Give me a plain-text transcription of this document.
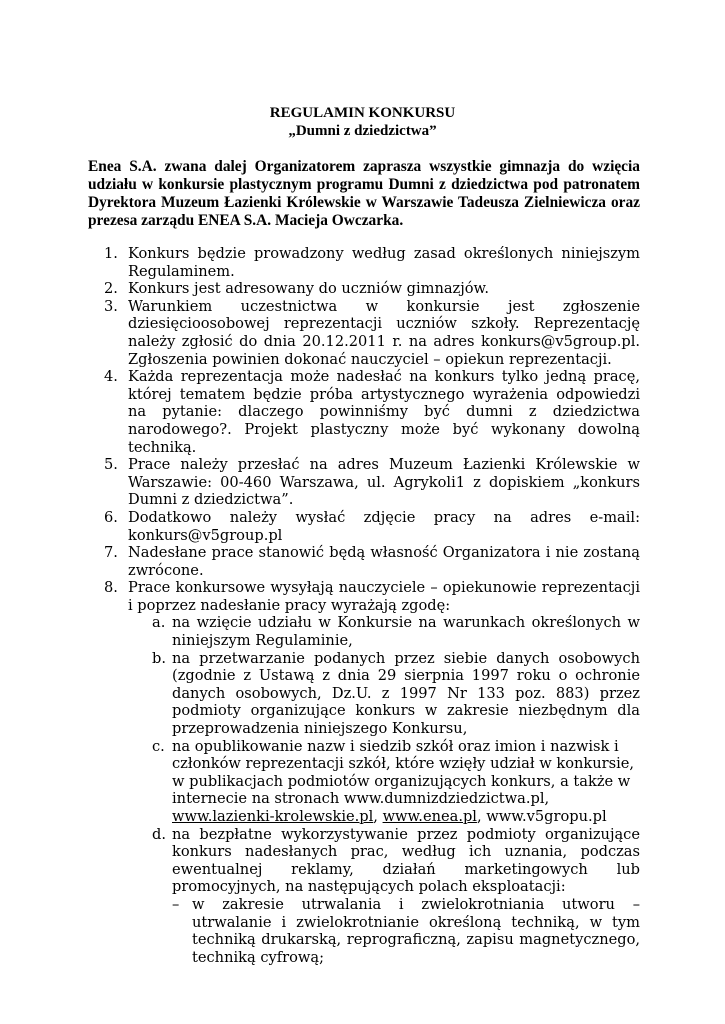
REGULAMIN KONKURSU
„Dumni z dziedzictwa”
Enea S.A. zwana dalej Organizatorem zaprasza wszystkie gimnazja do wzięcia udziału w konkursie plastycznym programu Dumni z dziedzictwa pod patronatem Dyrektora Muzeum Łazienki Królewskie w Warszawie Tadeusza Zielniewicza oraz prezesa zarządu ENEA S.A. Macieja Owczarka.
1. Konkurs będzie prowadzony według zasad określonych niniejszym Regulaminem.
2. Konkurs jest adresowany do uczniów gimnazjów.
3. Warunkiem uczestnictwa w konkursie jest zgłoszenie dziesięcioosobowej reprezentacji uczniów szkoły. Reprezentację należy zgłosić do dnia 20.12.2011 r. na adres konkurs@v5group.pl. Zgłoszenia powinien dokonać nauczyciel – opiekun reprezentacji.
4. Każda reprezentacja może nadesłać na konkurs tylko jedną pracę, której tematem będzie próba artystycznego wyrażenia odpowiedzi na pytanie: dlaczego powinniśmy być dumni z dziedzictwa narodowego?. Projekt plastyczny może być wykonany dowolną techniką.
5. Prace należy przesłać na adres Muzeum Łazienki Królewskie w Warszawie: 00-460 Warszawa, ul. Agrykoli1 z dopiskiem „konkurs Dumni z dziedzictwa”.
6. Dodatkowo należy wysłać zdjęcie pracy na adres e-mail: konkurs@v5group.pl
7. Nadesłane prace stanowić będą własność Organizatora i nie zostaną zwrócone.
8. Prace konkursowe wysyłają nauczyciele – opiekunowie reprezentacji i poprzez nadesłanie pracy wyrażają zgodę:
a. na wzięcie udziału w Konkursie na warunkach określonych w niniejszym Regulaminie,
b. na przetwarzanie podanych przez siebie danych osobowych (zgodnie z Ustawą z dnia 29 sierpnia 1997 roku o ochronie danych osobowych, Dz.U. z 1997 Nr 133 poz. 883) przez podmioty organizujące konkurs w zakresie niezbędnym dla przeprowadzenia niniejszego Konkursu,
c. na opublikowanie nazw i siedzib szkół oraz imion i nazwisk i członków reprezentacji szkół, które wzięły udział w konkursie, w publikacjach podmiotów organizujących konkurs, a także w internecie na stronach www.dumnizdziedzictwa.pl, www.lazienki-krolewskie.pl, www.enea.pl, www.v5gropu.pl
d. na bezpłatne wykorzystywanie przez podmioty organizujące konkurs nadesłanych prac, według ich uznania, podczas ewentualnej reklamy, działań marketingowych lub promocyjnych, na następujących polach eksploatacji:
– w zakresie utrwalania i zwielokrotniania utworu – utrwalanie i zwielokrotnianie określoną techniką, w tym techniką drukarską, reprograficzną, zapisu magnetycznego, techniką cyfrową;
